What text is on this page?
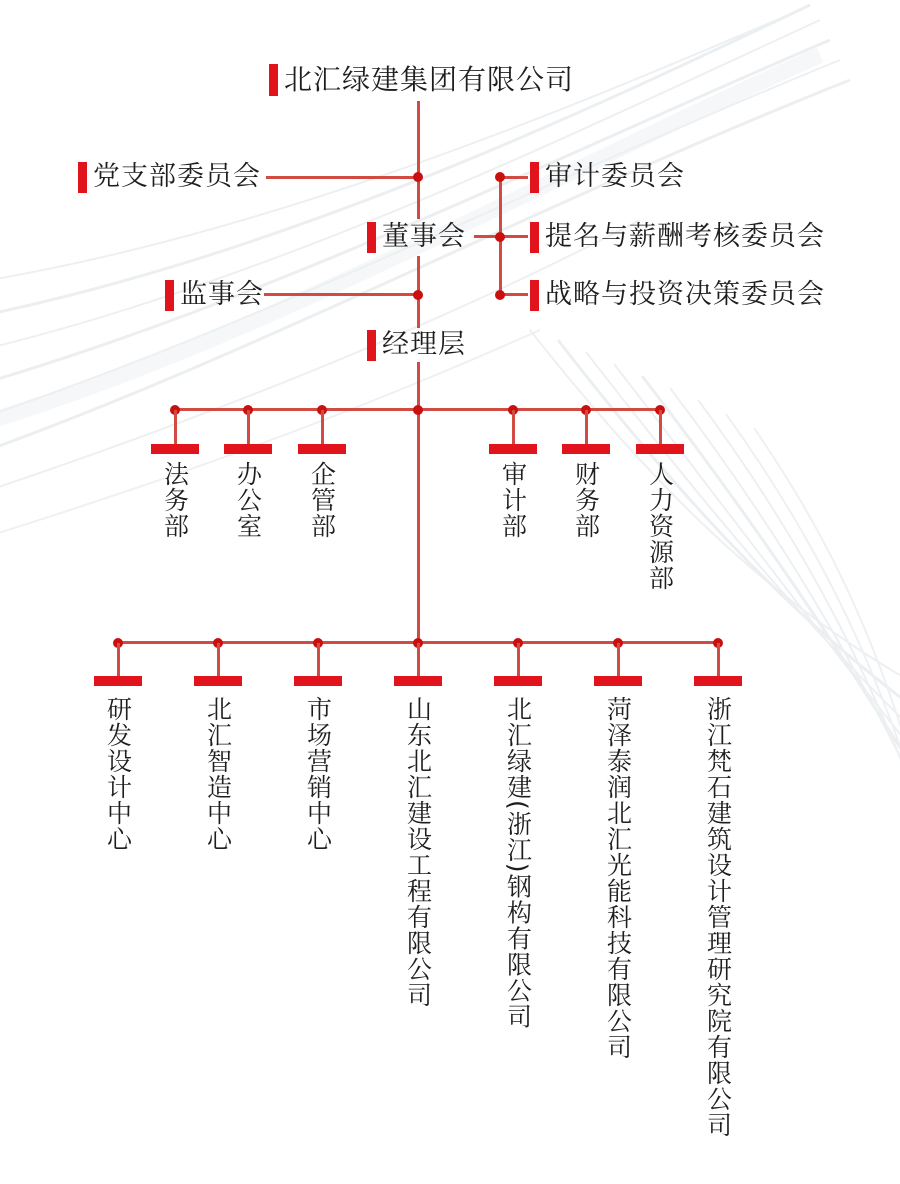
北汇绿建集团有限公司
党支部委员会
董事会
监事会
经理层
审计委员会
提名与薪酬考核委员会
战略与投资决策委员会
法务部 办公室 企管部	审计部 财务部 人力资源部
研发设计中心	北汇智造中心	市场营销中心	山东北汇建设工程有限公司	北汇绿建(浙江)钢构有限公司	菏泽泰润北汇光能科技有限公司	浙江梵石建筑设计管理研究院有限公司
